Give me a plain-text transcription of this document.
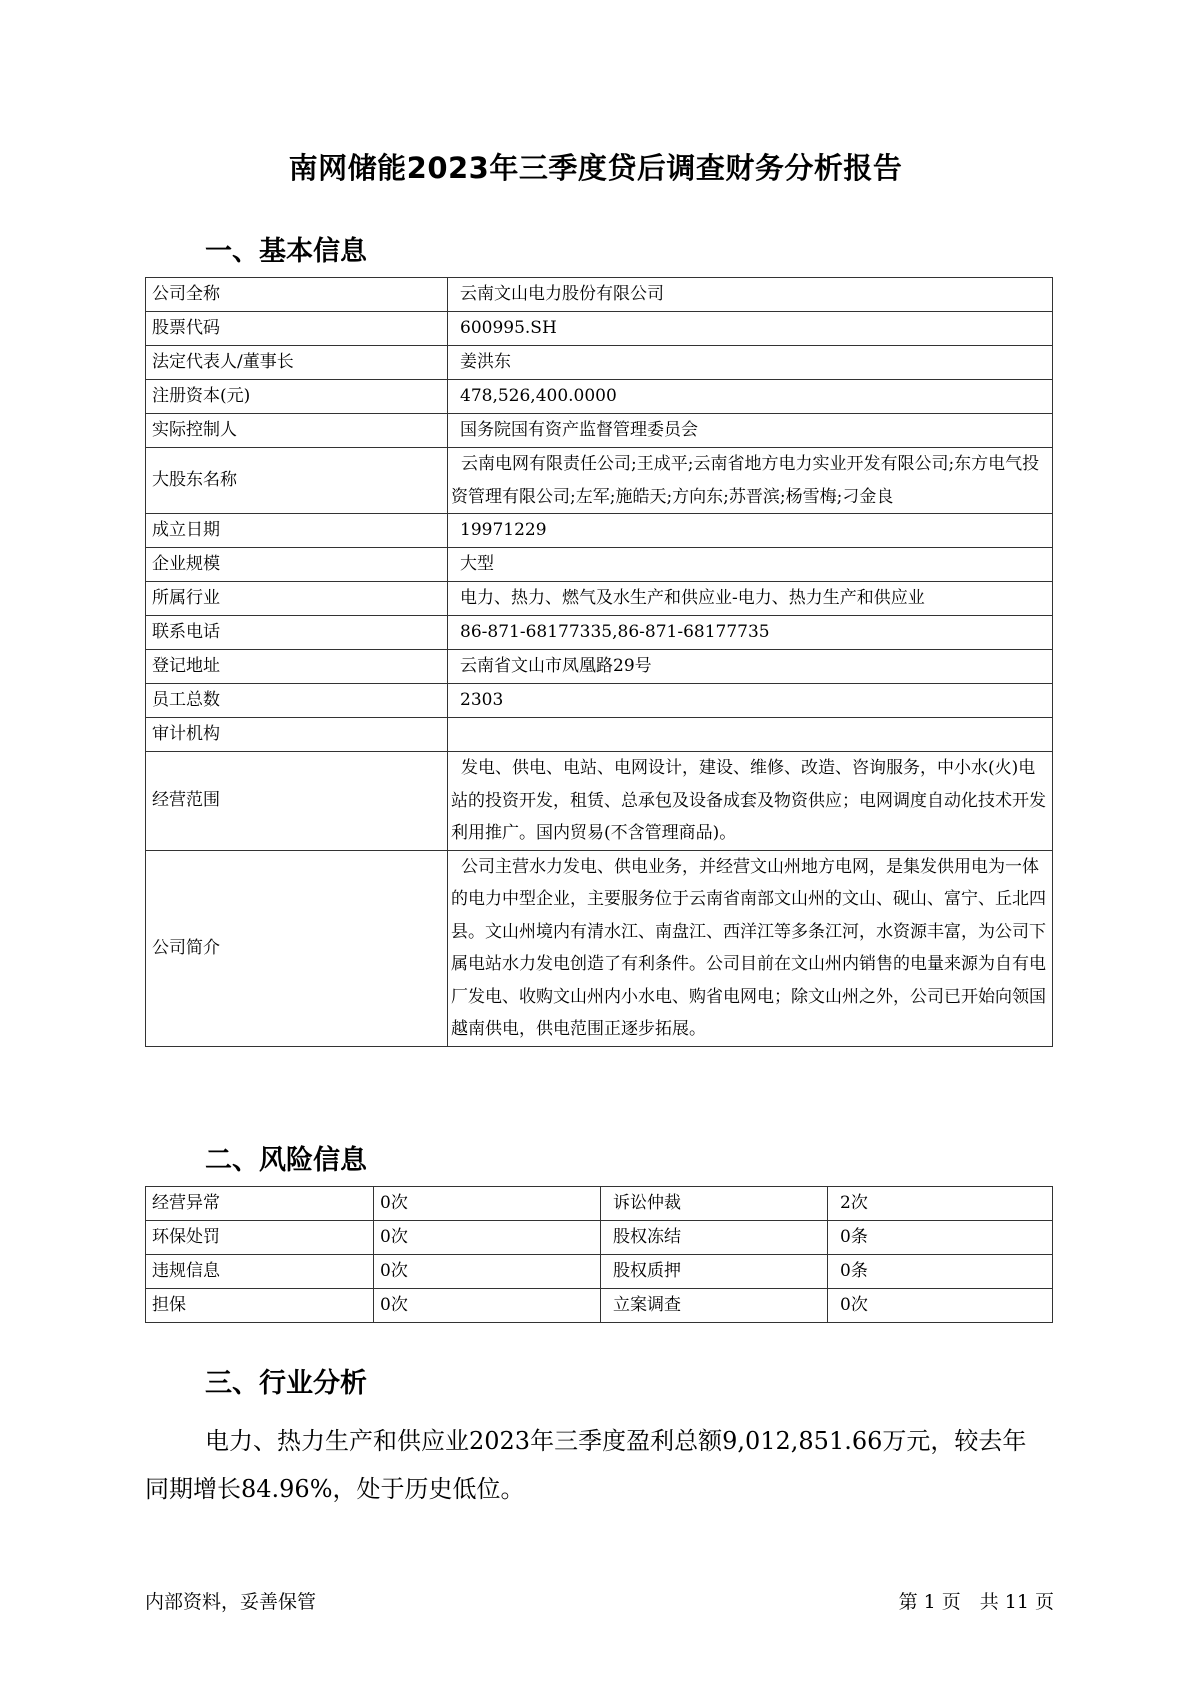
南网储能2023年三季度贷后调查财务分析报告
一、基本信息
公司全称	云南文山电力股份有限公司
股票代码	600995.SH
法定代表人/董事长	姜洪东
注册资本(元)	478,526,400.0000
实际控制人	国务院国有资产监督管理委员会
大股东名称	云南电网有限责任公司;王成平;云南省地方电力实业开发有限公司;东方电气投资管理有限公司;左军;施皓天;方向东;苏晋滨;杨雪梅;刁金良
成立日期	19971229
企业规模	大型
所属行业	电力、热力、燃气及水生产和供应业-电力、热力生产和供应业
联系电话	86-871-68177335,86-871-68177735
登记地址	云南省文山市凤凰路29号
员工总数	2303
审计机构	
经营范围	发电、供电、电站、电网设计，建设、维修、改造、咨询服务，中小水(火)电站的投资开发，租赁、总承包及设备成套及物资供应；电网调度自动化技术开发利用推广。国内贸易(不含管理商品)。
公司简介	公司主营水力发电、供电业务，并经营文山州地方电网，是集发供用电为一体的电力中型企业，主要服务位于云南省南部文山州的文山、砚山、富宁、丘北四县。文山州境内有清水江、南盘江、西洋江等多条江河，水资源丰富，为公司下属电站水力发电创造了有利条件。公司目前在文山州内销售的电量来源为自有电厂发电、收购文山州内小水电、购省电网电；除文山州之外，公司已开始向领国越南供电，供电范围正逐步拓展。
二、风险信息
经营异常	0次	诉讼仲裁	2次
环保处罚	0次	股权冻结	0条
违规信息	0次	股权质押	0条
担保	0次	立案调查	0次
三、行业分析
电力、热力生产和供应业2023年三季度盈利总额9,012,851.66万元，较去年同期增长84.96%，处于历史低位。
内部资料，妥善保管	第 1 页　共 11 页
